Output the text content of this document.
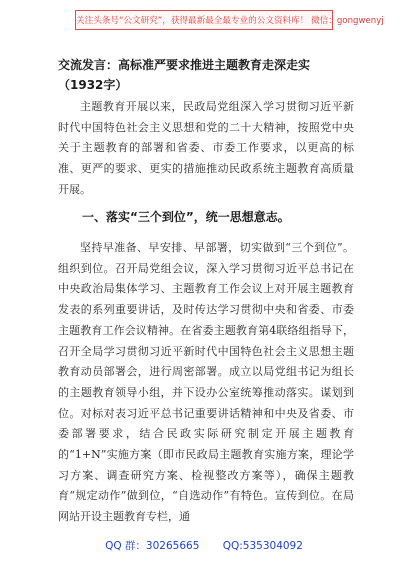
关注头条号“公文研究”，获得最新最全最专业的公文资料库！ 微信：gongwenyj
交流发言：高标准严要求推进主题教育走深走实（1932字）
主题教育开展以来，民政局党组深入学习贯彻习近平新时代中国特色社会主义思想和党的二十大精神，按照党中央关于主题教育的部署和省委、市委工作要求，以更高的标准、更严的要求、更实的措施推动民政系统主题教育高质量开展。
一、落实“三个到位”，统一思想意志。
坚持早准备、早安排、早部署，切实做到“三个到位”。组织到位。召开局党组会议，深入学习贯彻习近平总书记在中央政治局集体学习、主题教育工作会议上对开展主题教育发表的系列重要讲话，及时传达学习贯彻中央和省委、市委主题教育工作会议精神。在省委主题教育第4联络组指导下，召开全局学习贯彻习近平新时代中国特色社会主义思想主题教育动员部署会，进行周密部署。成立以局党组书记为组长的主题教育领导小组，并下设办公室统筹推动落实。谋划到位。对标对表习近平总书记重要讲话精神和中央及省委、市委部署要求，结合民政实际研究制定开展主题教育的“1+N”实施方案（即市民政局主题教育实施方案，理论学习方案、调查研究方案、检视整改方案等），确保主题教育“规定动作”做到位，“自选动作”有特色。宣传到位。在局网站开设主题教育专栏，通
QQ 群：30265665 QQ:535304092
